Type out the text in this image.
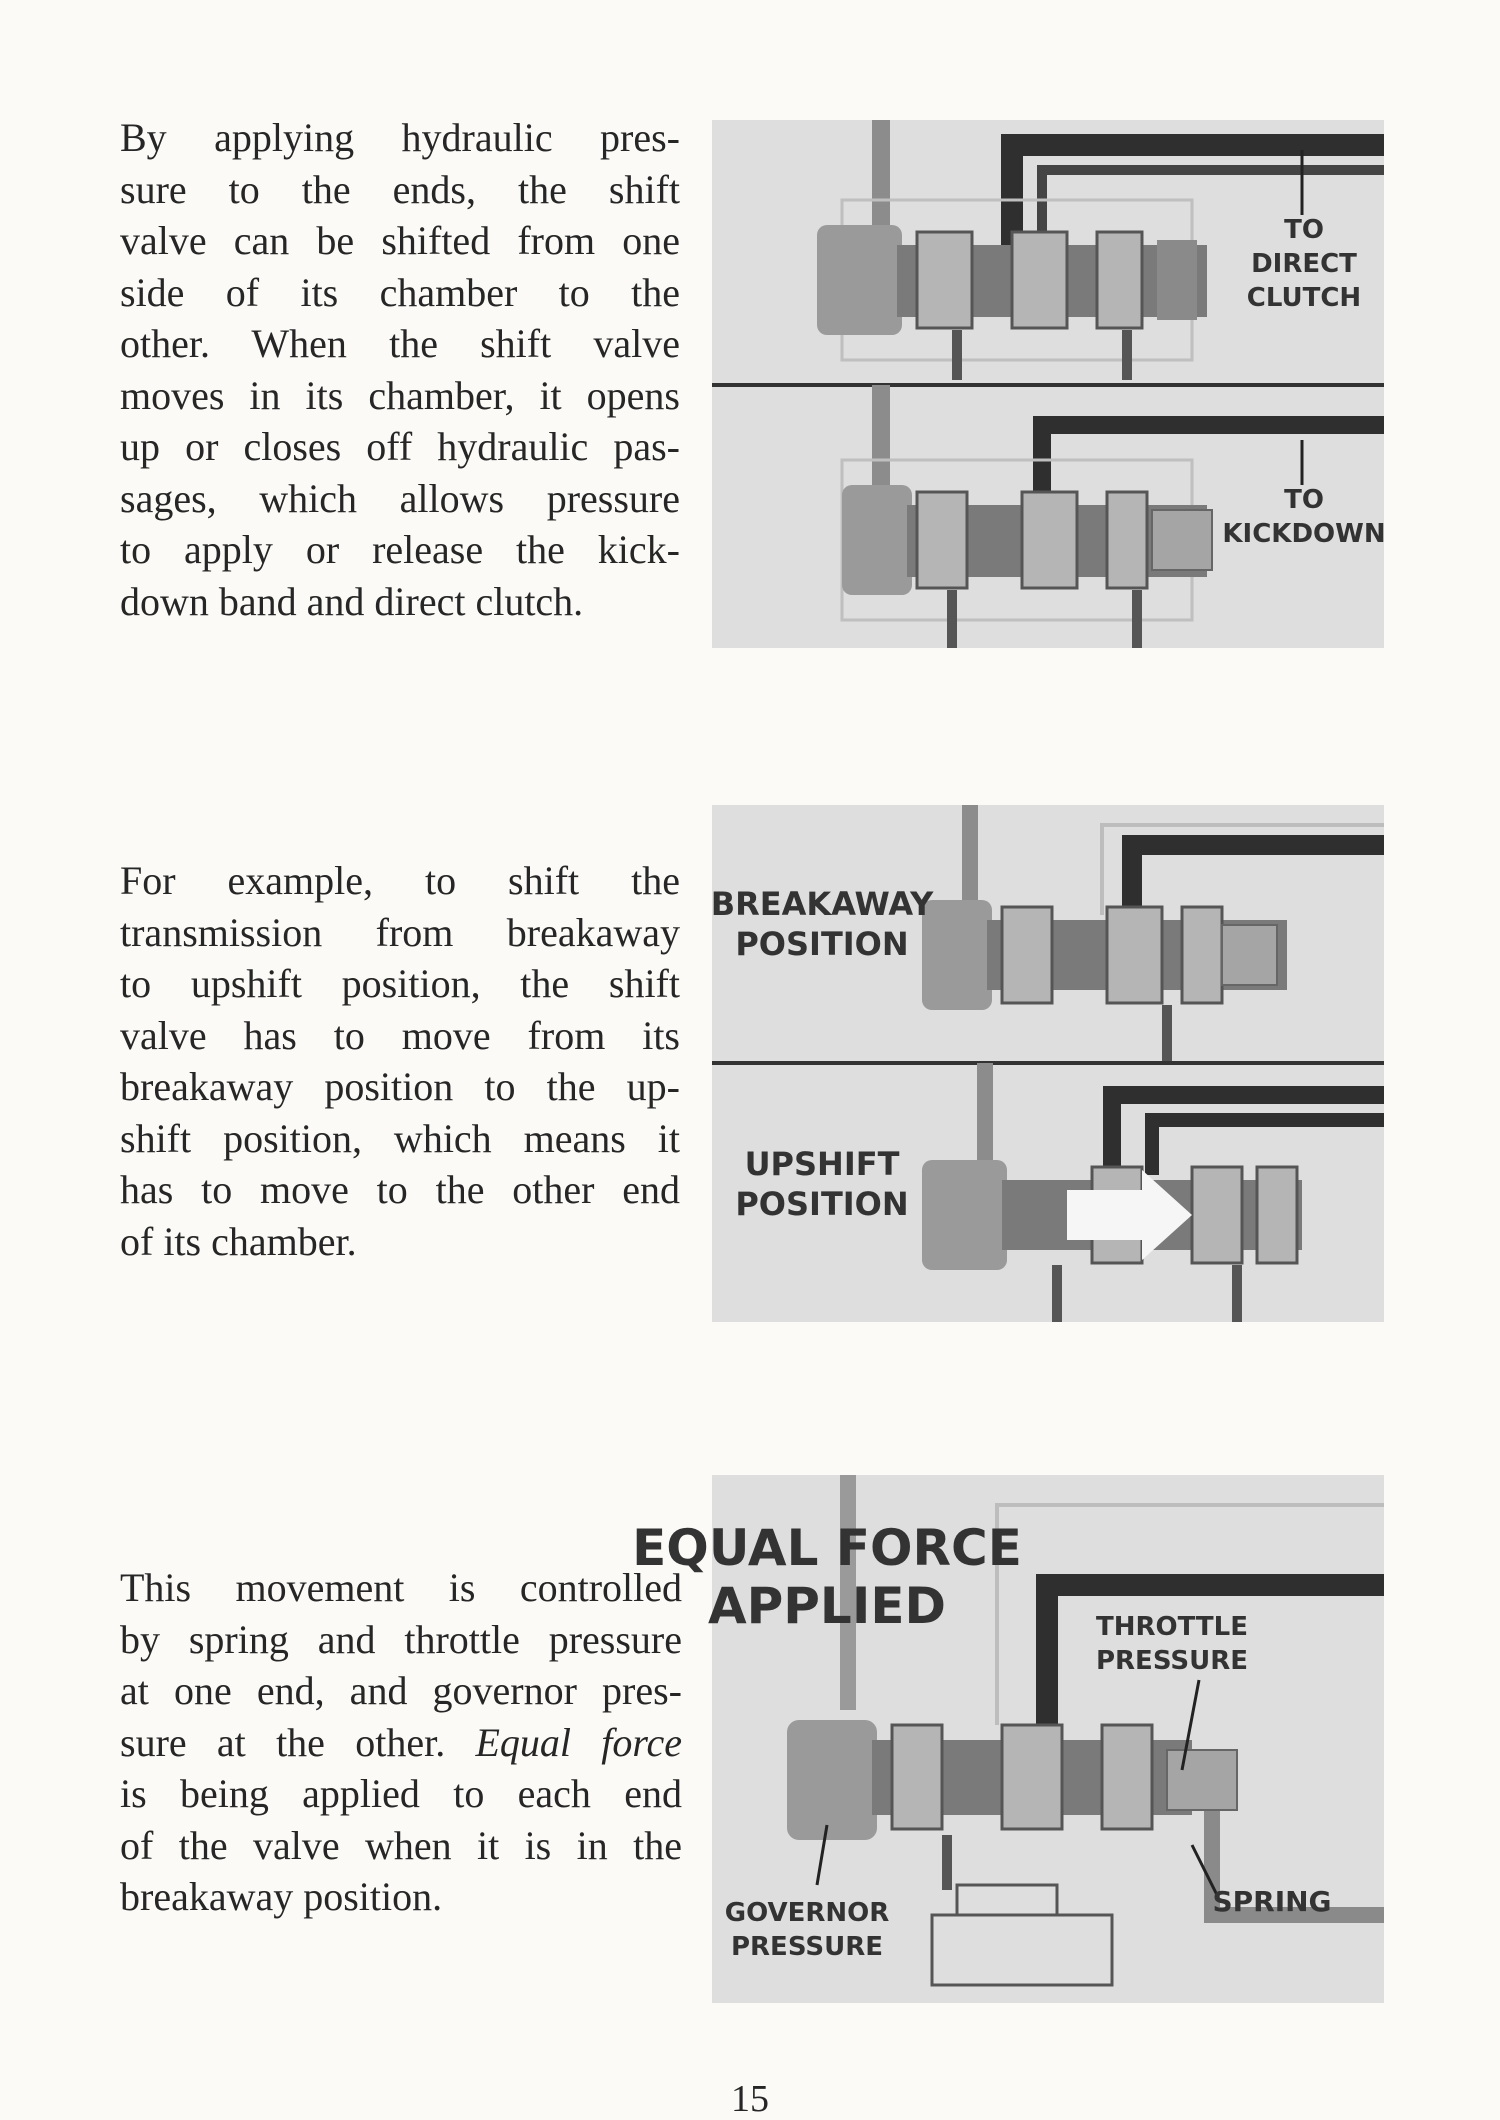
By applying hydraulic pres-
sure to the ends, the shift
valve can be shifted from one
side of its chamber to the
other. When the shift valve
moves in its chamber, it opens
up or closes off hydraulic pas-
sages, which allows pressure
to apply or release the kick-
down band and direct clutch.
For example, to shift the
transmission from breakaway
to upshift position, the shift
valve has to move from its
breakaway position to the up-
shift position, which means it
has to move to the other end
of its chamber.
This movement is controlled
by spring and throttle pressure
at one end, and governor pres-
sure at the other. Equal force
is being applied to each end
of the valve when it is in the
breakaway position.
TO
DIRECT
CLUTCH
TO
KICKDOWN
BREAKAWAY
POSITION
UPSHIFT
POSITION
EQUAL FORCE
APPLIED	THROTTLE
PRESSURE
GOVERNOR
PRESSURE
SPRING
15
